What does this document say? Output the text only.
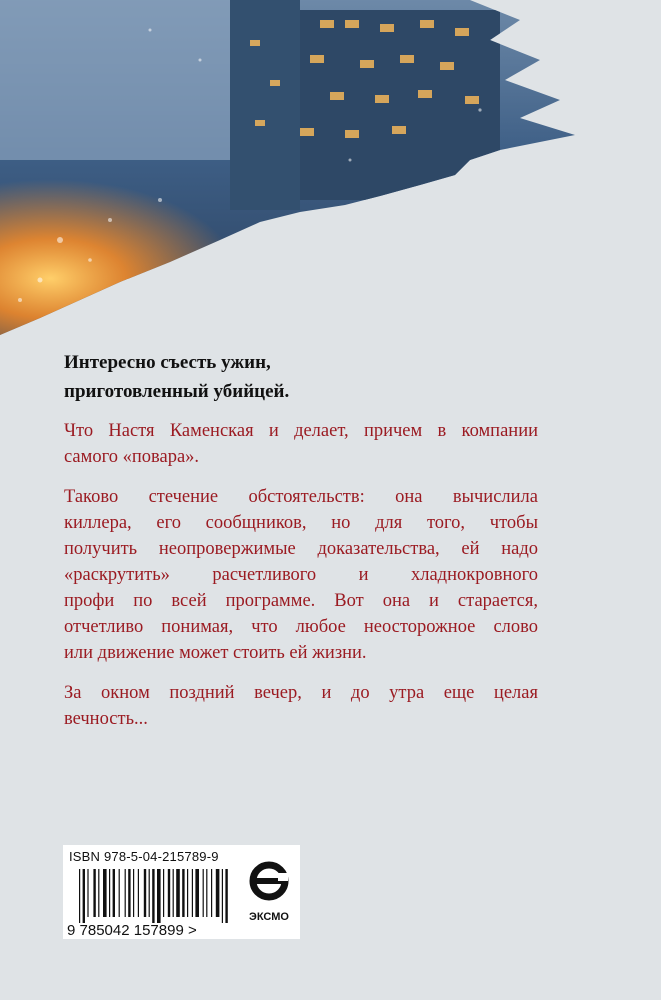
Интересно съесть ужин,
приготовленный убийцей.
Что Настя Каменская и делает, причем в компании
самого «повара».
Таково стечение обстоятельств: она вычислила
киллера, его сообщников, но для того, чтобы
получить неопровержимые доказательства, ей надо
«раскрутить» расчетливого и хладнокровного
профи по всей программе. Вот она и старается,
отчетливо понимая, что любое неосторожное слово
или движение может стоить ей жизни.
За окном поздний вечер, и до утра еще целая
вечность...
ISBN 978-5-04-215789-9
9 785042 157899 >
ЭКСМО
